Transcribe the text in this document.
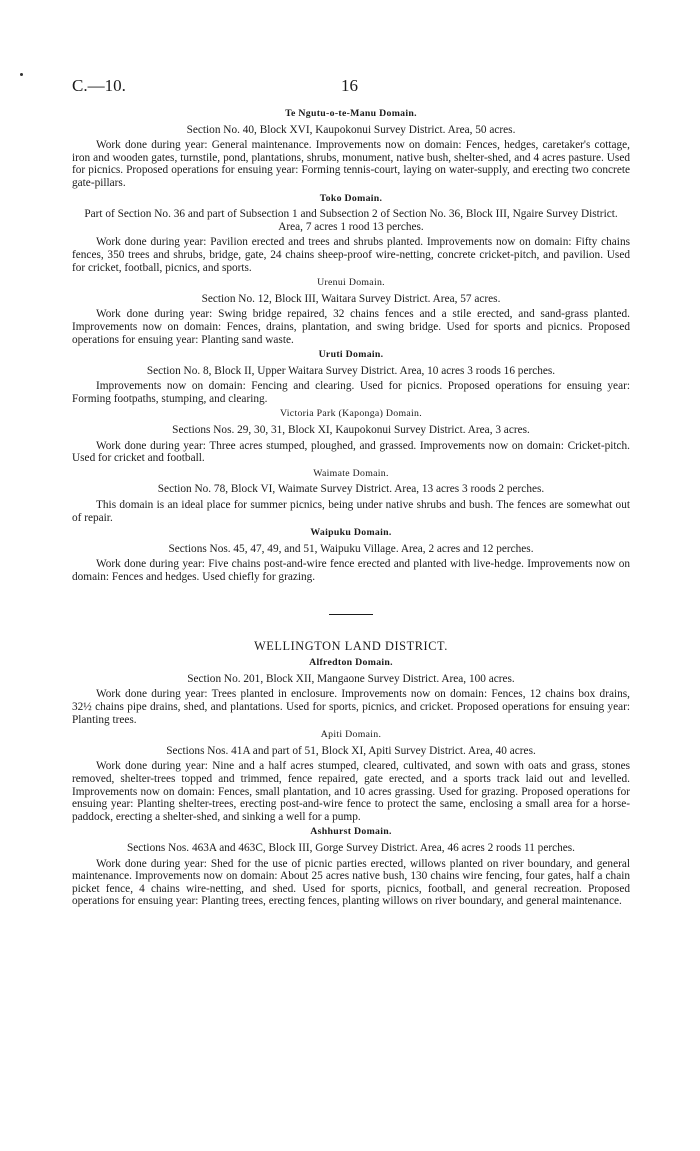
C.—10.	16
Te Ngutu-o-te-Manu Domain.
Section No. 40, Block XVI, Kaupokonui Survey District. Area, 50 acres.
Work done during year: General maintenance. Improvements now on domain: Fences, hedges, caretaker's cottage, iron and wooden gates, turnstile, pond, plantations, shrubs, monument, native bush, shelter-shed, and 4 acres pasture. Used for picnics. Proposed operations for ensuing year: Forming tennis-court, laying on water-supply, and erecting two concrete gate-pillars.
Toko Domain.
Part of Section No. 36 and part of Subsection 1 and Subsection 2 of Section No. 36, Block III, Ngaire Survey District. Area, 7 acres 1 rood 13 perches.
Work done during year: Pavilion erected and trees and shrubs planted. Improvements now on domain: Fifty chains fences, 350 trees and shrubs, bridge, gate, 24 chains sheep-proof wire-netting, concrete cricket-pitch, and pavilion. Used for cricket, football, picnics, and sports.
Urenui Domain.
Section No. 12, Block III, Waitara Survey District. Area, 57 acres.
Work done during year: Swing bridge repaired, 32 chains fences and a stile erected, and sand-grass planted. Improvements now on domain: Fences, drains, plantation, and swing bridge. Used for sports and picnics. Proposed operations for ensuing year: Planting sand waste.
Uruti Domain.
Section No. 8, Block II, Upper Waitara Survey District. Area, 10 acres 3 roods 16 perches.
Improvements now on domain: Fencing and clearing. Used for picnics. Proposed operations for ensuing year: Forming footpaths, stumping, and clearing.
Victoria Park (Kaponga) Domain.
Sections Nos. 29, 30, 31, Block XI, Kaupokonui Survey District. Area, 3 acres.
Work done during year: Three acres stumped, ploughed, and grassed. Improvements now on domain: Cricket-pitch. Used for cricket and football.
Waimate Domain.
Section No. 78, Block VI, Waimate Survey District. Area, 13 acres 3 roods 2 perches.
This domain is an ideal place for summer picnics, being under native shrubs and bush. The fences are somewhat out of repair.
Waipuku Domain.
Sections Nos. 45, 47, 49, and 51, Waipuku Village. Area, 2 acres and 12 perches.
Work done during year: Five chains post-and-wire fence erected and planted with live-hedge. Improvements now on domain: Fences and hedges. Used chiefly for grazing.
WELLINGTON LAND DISTRICT.
Alfredton Domain.
Section No. 201, Block XII, Mangaone Survey District. Area, 100 acres.
Work done during year: Trees planted in enclosure. Improvements now on domain: Fences, 12 chains box drains, 32½ chains pipe drains, shed, and plantations. Used for sports, picnics, and cricket. Proposed operations for ensuing year: Planting trees.
Apiti Domain.
Sections Nos. 41A and part of 51, Block XI, Apiti Survey District. Area, 40 acres.
Work done during year: Nine and a half acres stumped, cleared, cultivated, and sown with oats and grass, stones removed, shelter-trees topped and trimmed, fence repaired, gate erected, and a sports track laid out and levelled. Improvements now on domain: Fences, small plantation, and 10 acres grassing. Used for grazing. Proposed operations for ensuing year: Planting shelter-trees, erecting post-and-wire fence to protect the same, enclosing a small area for a horse-paddock, erecting a shelter-shed, and sinking a well for a pump.
Ashhurst Domain.
Sections Nos. 463A and 463C, Block III, Gorge Survey District. Area, 46 acres 2 roods 11 perches.
Work done during year: Shed for the use of picnic parties erected, willows planted on river boundary, and general maintenance. Improvements now on domain: About 25 acres native bush, 130 chains wire fencing, four gates, half a chain picket fence, 4 chains wire-netting, and shed. Used for sports, picnics, football, and general recreation. Proposed operations for ensuing year: Planting trees, erecting fences, planting willows on river boundary, and general maintenance.
